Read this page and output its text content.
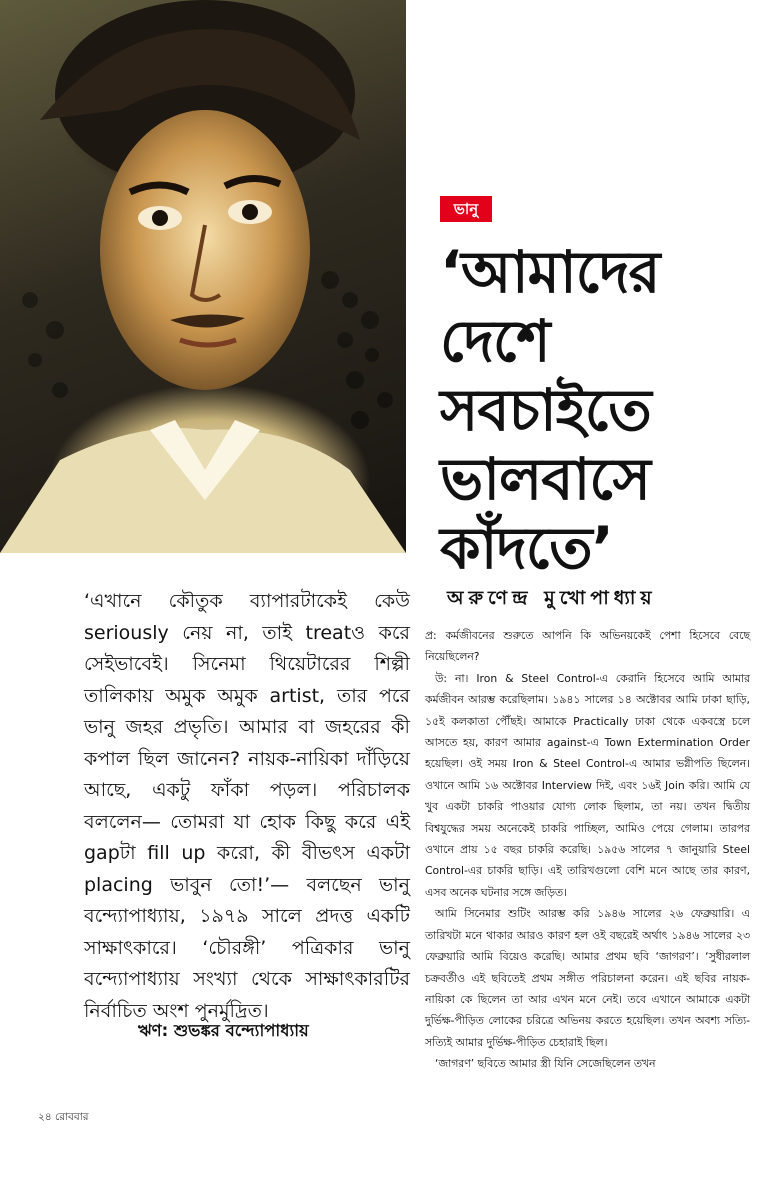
ভানু
‘আমাদের
দেশে
সবচাইতে
ভালবাসে
কাঁদতে’
অরুণেন্দ্র মুখোপাধ্যায়

‘এখানে কৌতুক ব্যাপারটাকেই কেউ seriously নেয় না, তাই treatও করে সেইভাবেই। সিনেমা থিয়েটারের শিল্পী তালিকায় অমুক অমুক artist, তার পরে ভানু জহর প্রভৃতি। আমার বা জহরের কী কপাল ছিল জানেন? নায়ক-নায়িকা দাঁড়িয়ে আছে, একটু ফাঁকা পড়ল। পরিচালক বললেন— তোমরা যা হোক কিছু করে এই gapটা fill up করো, কী বীভৎস একটা placing ভাবুন তো!’— বলছেন ভানু বন্দ্যোপাধ্যায়, ১৯৭৯ সালে প্রদত্ত একটি সাক্ষাৎকারে। ‘চৌরঙ্গী’ পত্রিকার ভানু বন্দ্যোপাধ্যায় সংখ্যা থেকে সাক্ষাৎকারটির নির্বাচিত অংশ পুনর্মুদ্রিত।

ঋণ: শুভঙ্কর বন্দ্যোপাধ্যায়

প্র: কর্মজীবনের শুরুতে আপনি কি অভিনয়কেই পেশা হিসেবে বেছে নিয়েছিলেন?

উ: না। Iron & Steel Control-এ কেরানি হিসেবে আমি আমার কর্মজীবন আরম্ভ করেছিলাম। ১৯৪১ সালের ১৪ অক্টোবর আমি ঢাকা ছাড়ি, ১৫ই কলকাতা পৌঁছই। আমাকে Practically ঢাকা থেকে একবস্ত্রে চলে আসতে হয়, কারণ আমার against-এ Town Extermination Order হয়েছিল। ওই সময় Iron & Steel Control-এ আমার ভগ্নীপতি ছিলেন। ওখানে আমি ১৬ অক্টোবর Interview দিই, এবং ১৬ই Join করি। আমি যে খুব একটা চাকরি পাওয়ার যোগ্য লোক ছিলাম, তা নয়। তখন দ্বিতীয় বিশ্বযুদ্ধের সময় অনেকেই চাকরি পাচ্ছিল, আমিও পেয়ে গেলাম। তারপর ওখানে প্রায় ১৫ বছর চাকরি করেছি। ১৯৫৬ সালের ৭ জানুয়ারি Steel Control-এর চাকরি ছাড়ি। এই তারিখগুলো বেশি মনে আছে তার কারণ, এসব অনেক ঘটনার সঙ্গে জড়িত।

আমি সিনেমার শুটিং আরম্ভ করি ১৯৪৬ সালের ২৬ ফেব্রুয়ারি। এ তারিখটা মনে থাকার আরও কারণ হল ওই বছরেই অর্থাৎ ১৯৪৬ সালের ২৩ ফেব্রুয়ারি আমি বিয়েও করেছি। আমার প্রথম ছবি ‘জাগরণ’। ‘সুধীরলাল চক্রবর্তীও এই ছবিতেই প্রথম সঙ্গীত পরিচালনা করেন। এই ছবির নায়ক-নায়িকা কে ছিলেন তা আর এখন মনে নেই। তবে এখানে আমাকে একটা দুর্ভিক্ষ-পীড়িত লোকের চরিত্রে অভিনয় করতে হয়েছিল। তখন অবশ্য সত্যি-সত্যিই আমার দুর্ভিক্ষ-পীড়িত চেহারাই ছিল।

‘জাগরণ’ ছবিতে আমার স্ত্রী যিনি সেজেছিলেন তখন

২৪ রোববার
